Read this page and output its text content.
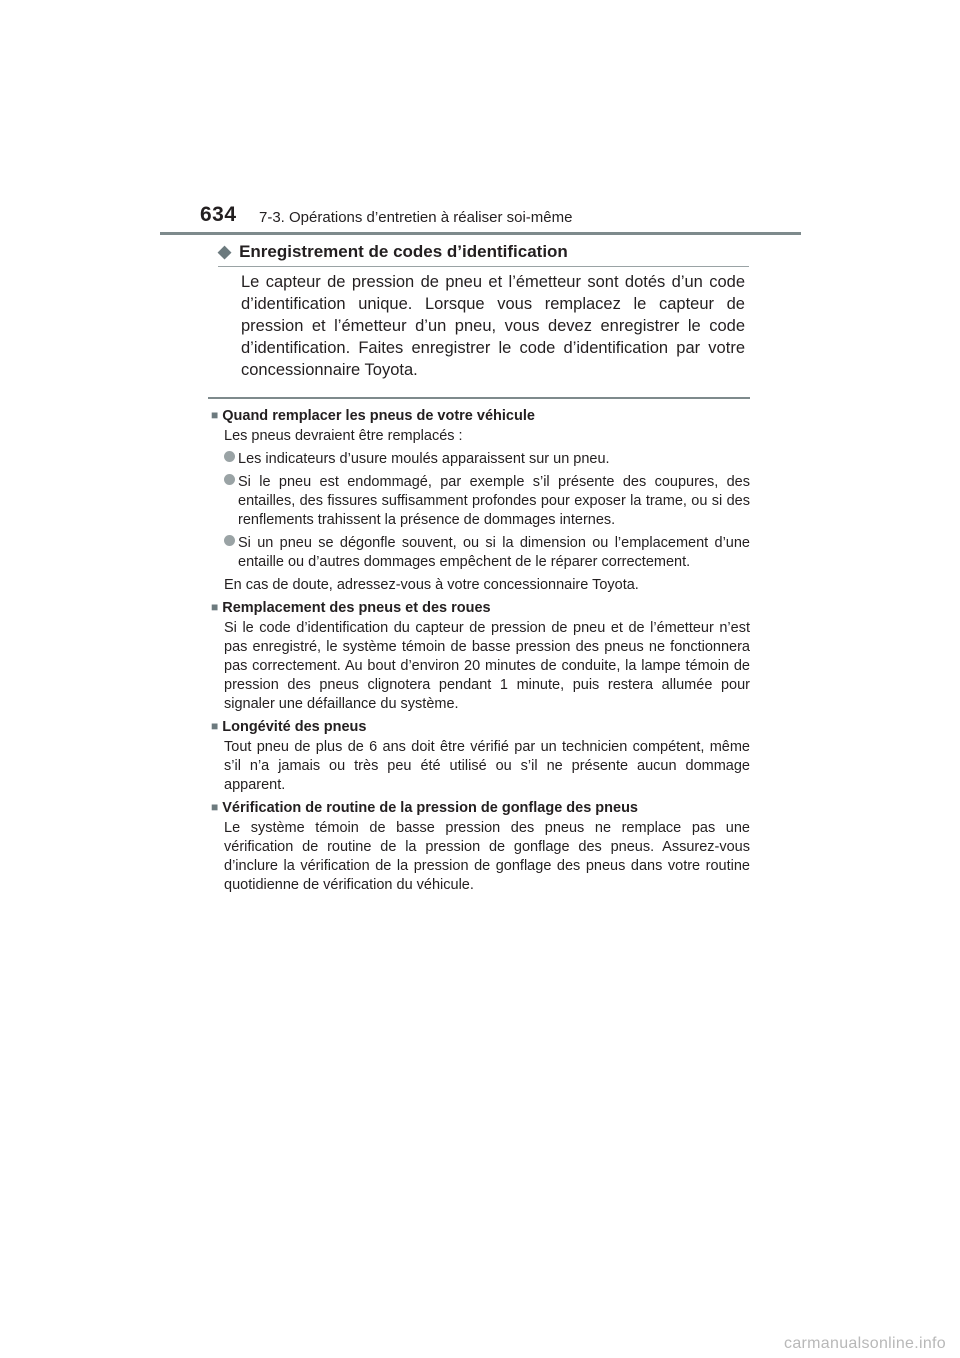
634 7-3. Opérations d’entretien à réaliser soi-même
◆ Enregistrement de codes d’identification
Le capteur de pression de pneu et l’émetteur sont dotés d’un code d’identification unique. Lorsque vous remplacez le capteur de pression et l’émetteur d’un pneu, vous devez enregistrer le code d’identification. Faites enregistrer le code d’identification par votre concessionnaire Toyota.
■ Quand remplacer les pneus de votre véhicule
Les pneus devraient être remplacés :
Les indicateurs d’usure moulés apparaissent sur un pneu.
Si le pneu est endommagé, par exemple s’il présente des coupures, des entailles, des fissures suffisamment profondes pour exposer la trame, ou si des renflements trahissent la présence de dommages internes.
Si un pneu se dégonfle souvent, ou si la dimension ou l’emplacement d’une entaille ou d’autres dommages empêchent de le réparer correctement.
En cas de doute, adressez-vous à votre concessionnaire Toyota.
■ Remplacement des pneus et des roues
Si le code d’identification du capteur de pression de pneu et de l’émetteur n’est pas enregistré, le système témoin de basse pression des pneus ne fonctionnera pas correctement. Au bout d’environ 20 minutes de conduite, la lampe témoin de pression des pneus clignotera pendant 1 minute, puis restera allumée pour signaler une défaillance du système.
■ Longévité des pneus
Tout pneu de plus de 6 ans doit être vérifié par un technicien compétent, même s’il n’a jamais ou très peu été utilisé ou s’il ne présente aucun dommage apparent.
■ Vérification de routine de la pression de gonflage des pneus
Le système témoin de basse pression des pneus ne remplace pas une vérification de routine de la pression de gonflage des pneus. Assurez-vous d’inclure la vérification de la pression de gonflage des pneus dans votre routine quotidienne de vérification du véhicule.
carmanualsonline.info
